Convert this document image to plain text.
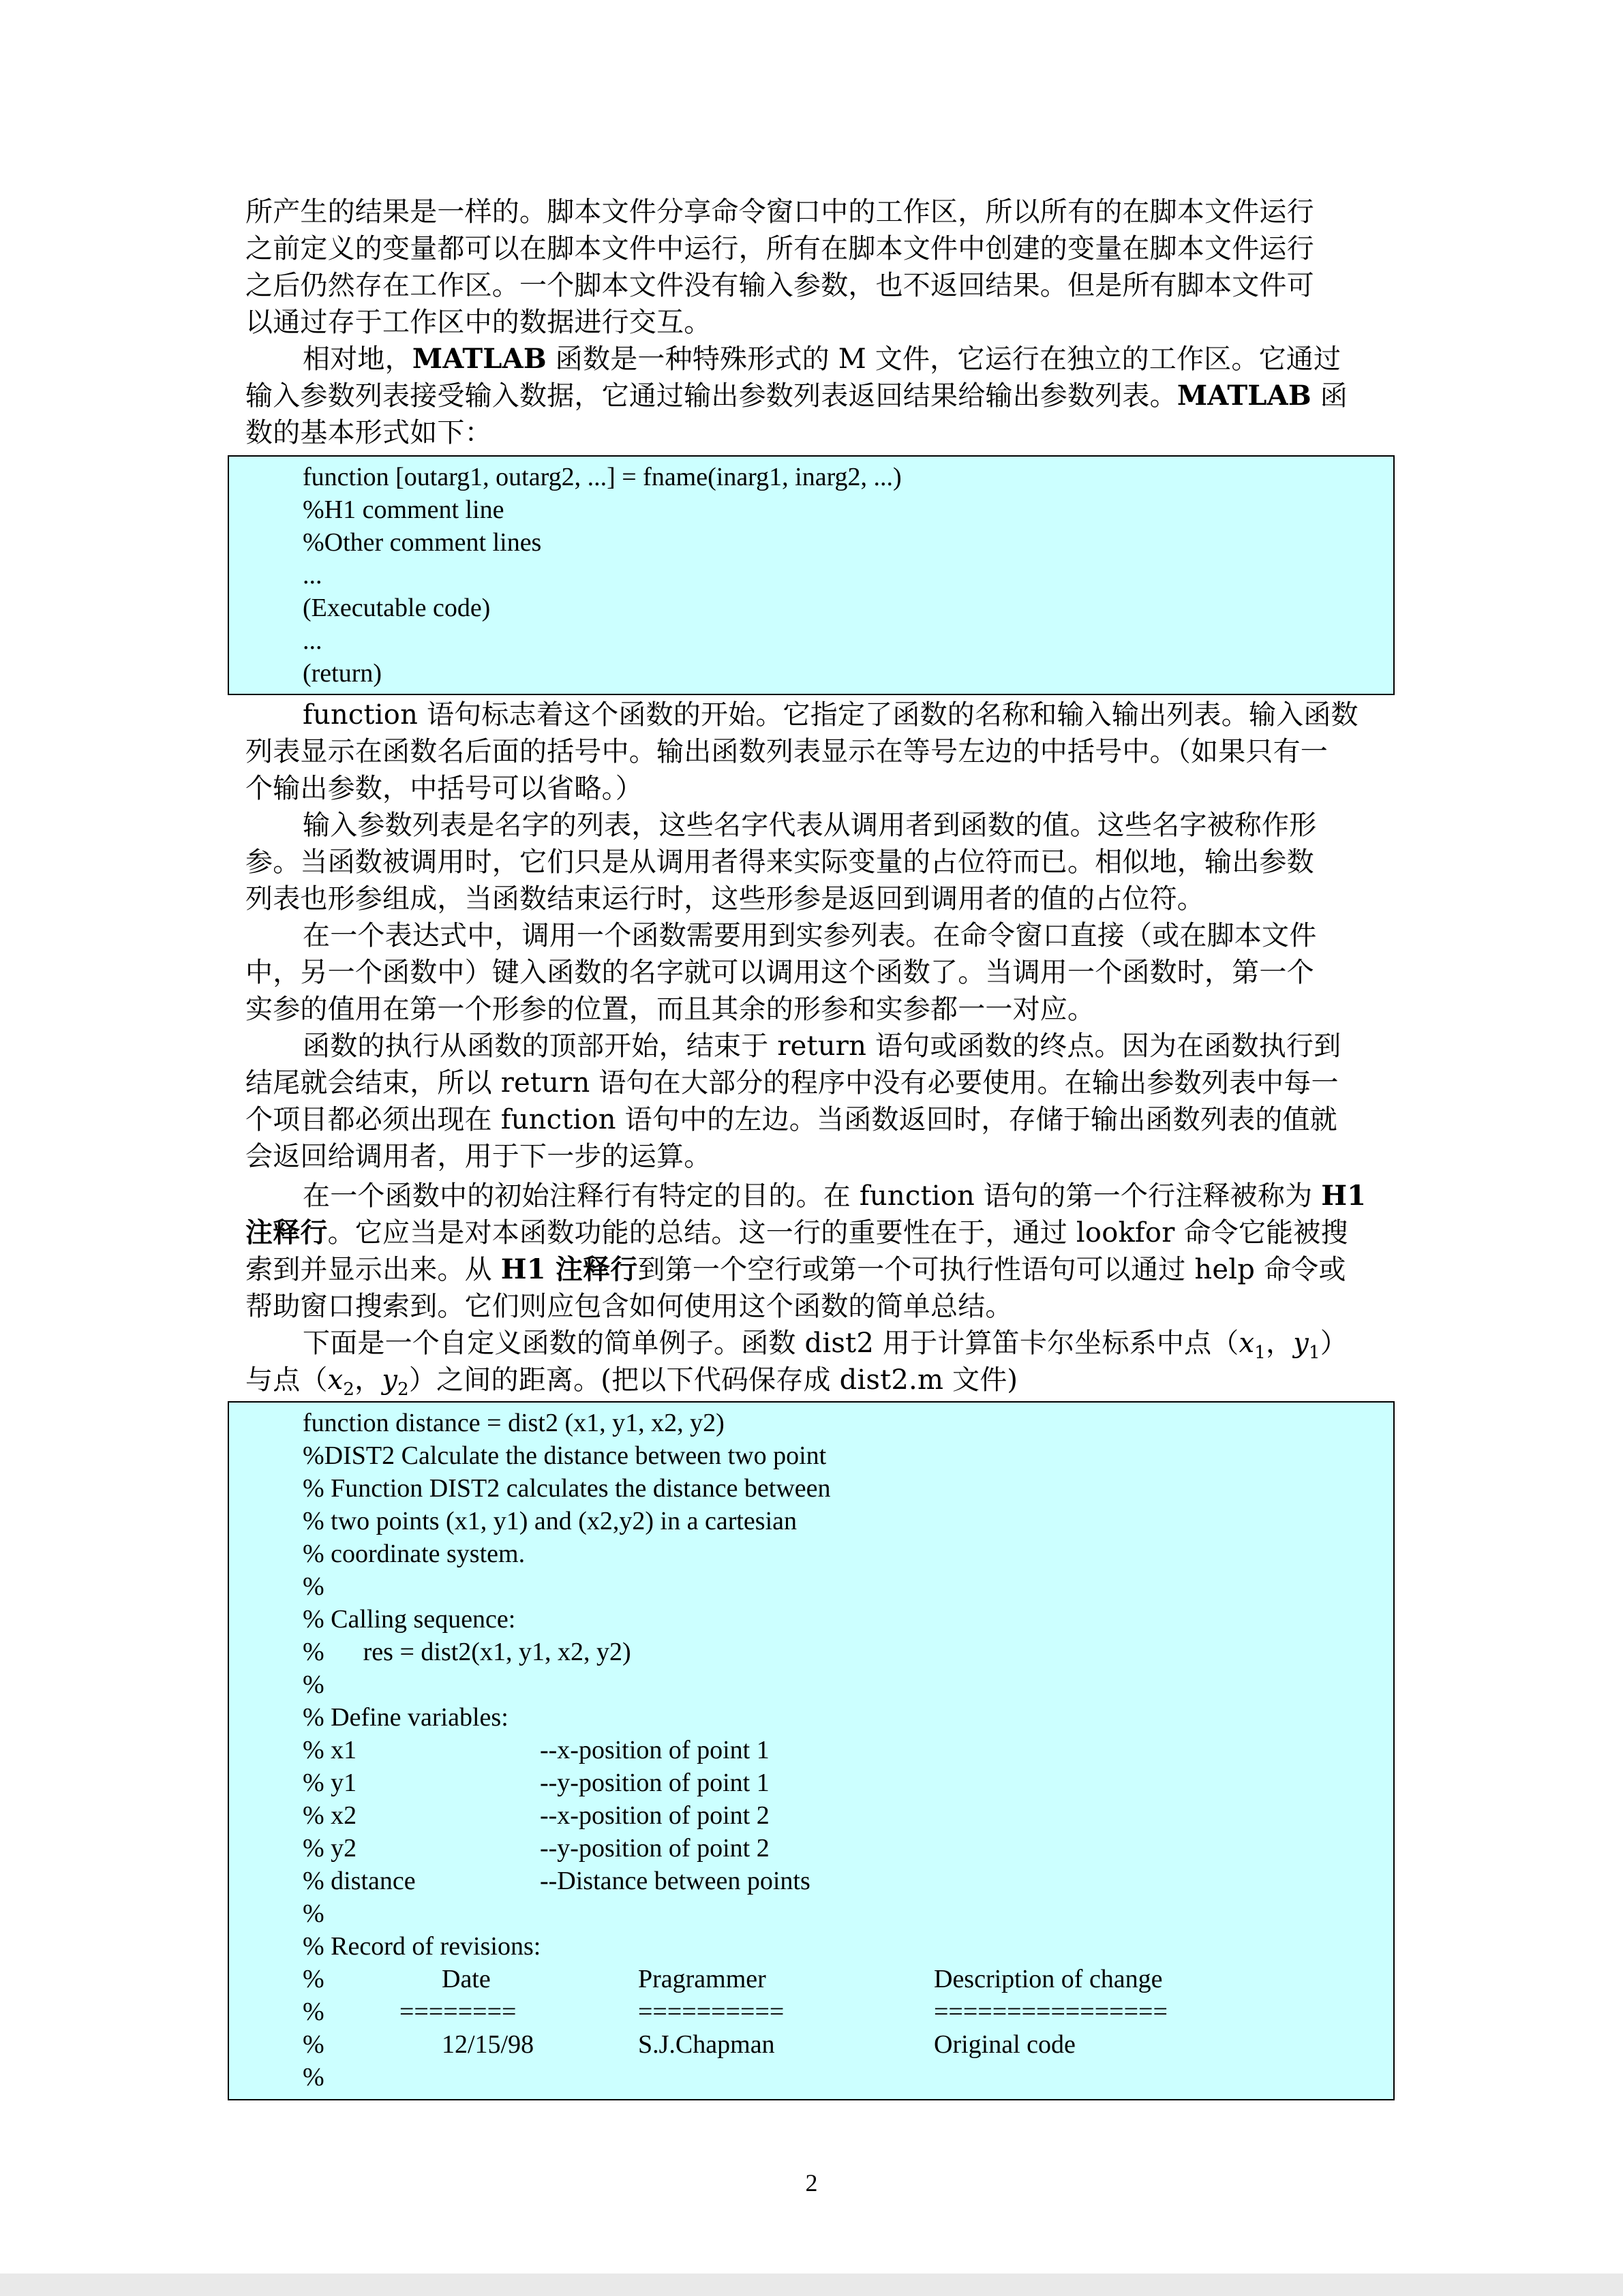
所产生的结果是一样的。脚本文件分享命令窗口中的工作区，所以所有的在脚本文件运行
之前定义的变量都可以在脚本文件中运行，所有在脚本文件中创建的变量在脚本文件运行
之后仍然存在工作区。一个脚本文件没有输入参数，也不返回结果。但是所有脚本文件可
以通过存于工作区中的数据进行交互。
相对地，MATLAB 函数是一种特殊形式的 M 文件，它运行在独立的工作区。它通过
输入参数列表接受输入数据，它通过输出参数列表返回结果给输出参数列表。MATLAB 函
数的基本形式如下：
function [outarg1, outarg2, ...] = fname(inarg1, inarg2, ...)
%H1 comment line
%Other comment lines
...
(Executable code)
...
(return)
function 语句标志着这个函数的开始。它指定了函数的名称和输入输出列表。输入函数
列表显示在函数名后面的括号中。输出函数列表显示在等号左边的中括号中。（如果只有一
个输出参数，中括号可以省略。）
输入参数列表是名字的列表，这些名字代表从调用者到函数的值。这些名字被称作形
参。当函数被调用时，它们只是从调用者得来实际变量的占位符而已。相似地，输出参数
列表也形参组成，当函数结束运行时，这些形参是返回到调用者的值的占位符。
在一个表达式中，调用一个函数需要用到实参列表。在命令窗口直接（或在脚本文件
中，另一个函数中）键入函数的名字就可以调用这个函数了。当调用一个函数时，第一个
实参的值用在第一个形参的位置，而且其余的形参和实参都一一对应。
函数的执行从函数的顶部开始，结束于 return 语句或函数的终点。因为在函数执行到
结尾就会结束，所以 return 语句在大部分的程序中没有必要使用。在输出参数列表中每一
个项目都必须出现在 function 语句中的左边。当函数返回时，存储于输出函数列表的值就
会返回给调用者，用于下一步的运算。
在一个函数中的初始注释行有特定的目的。在 function 语句的第一个行注释被称为 H1
注释行。它应当是对本函数功能的总结。这一行的重要性在于，通过 lookfor 命令它能被搜
索到并显示出来。从 H1 注释行到第一个空行或第一个可执行性语句可以通过 help 命令或
帮助窗口搜索到。它们则应包含如何使用这个函数的简单总结。
下面是一个自定义函数的简单例子。函数 dist2 用于计算笛卡尔坐标系中点（$x_1$，$y_1$）
与点（$x_2$，$y_2$）之间的距离。(把以下代码保存成 dist2.m 文件)
function distance = dist2 (x1, y1, x2, y2)
%DIST2 Calculate the distance between two point
% Function DIST2 calculates the distance between
% two points (x1, y1) and (x2,y2) in a cartesian
% coordinate system.
%
% Calling sequence:
%      res = dist2(x1, y1, x2, y2)
%
% Define variables:
% x1	--x-position of point 1
% y1	--y-position of point 1
% x2	--x-position of point 2
% y2	--y-position of point 2
% distance	--Distance between points
%
% Record of revisions:
%	Date	Pragrammer	Description of change
%	========	==========	================
%	12/15/98	S.J.Chapman	Original code
%
2
